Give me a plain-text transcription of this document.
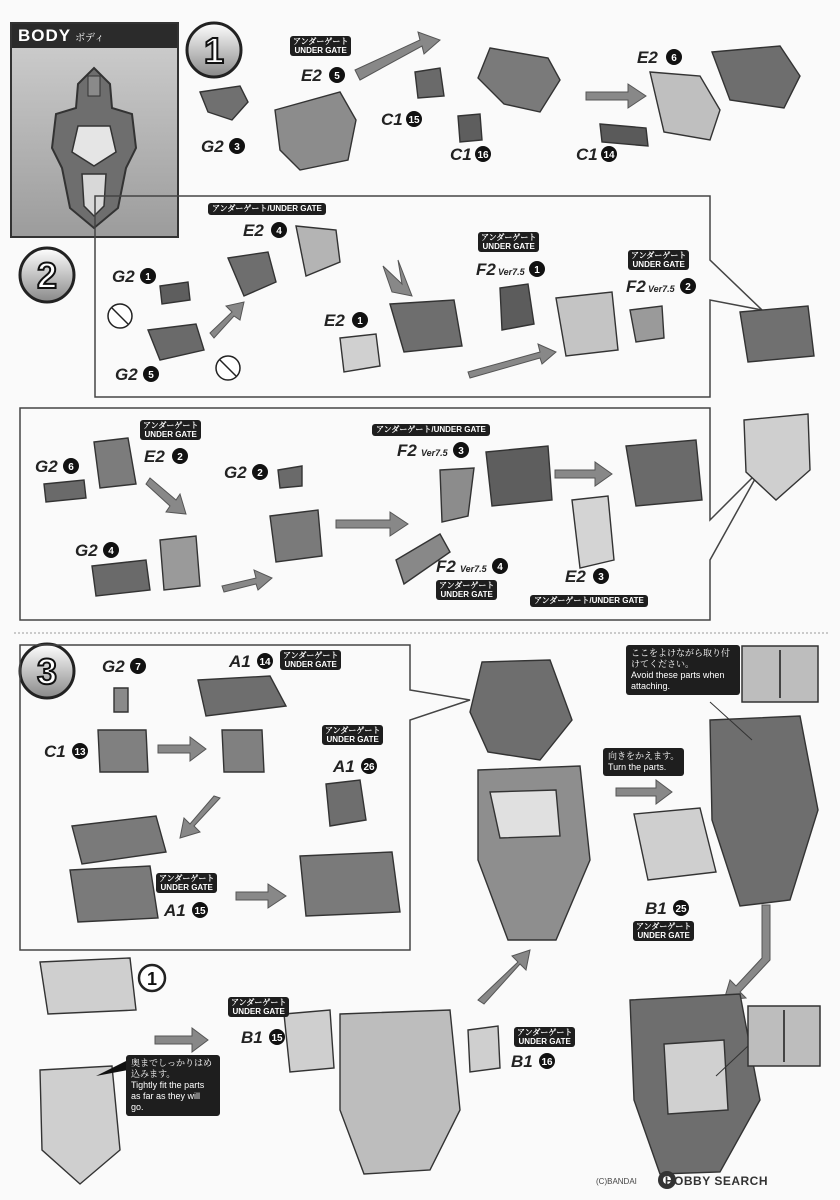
BODY ボディ	1
2
3
E2
C1
C1
E2
C1
G2
E2
G2
G2
E2
F2
F2
G2
E2
G2
G2
F2
F2
E2
G2	A1
C1
A1
A1	B1
B1
B1
5
15
16
6
14
3
4
1
5
1
1
2
6
2
4
2
3
4
3
7	14
13
26
15	25
15
16
Ver7.5
Ver7.5
Ver7.5
Ver7.5
1
アンダーゲート
UNDER GATE
アンダーゲート/UNDER GATE
アンダーゲート
UNDER GATE
アンダーゲート
UNDER GATE
アンダーゲート
UNDER GATE
アンダーゲート/UNDER GATE
アンダーゲート
UNDER GATE
アンダーゲート/UNDER GATE
アンダーゲート
UNDER GATE
アンダーゲート
UNDER GATE
アンダーゲート
UNDER GATE
アンダーゲート
UNDER GATE
アンダーゲート
UNDER GATE
アンダーゲート
UNDER GATE
ここをよけながら取り付けてください。
Avoid these parts when attaching.
向きをかえます。
Turn the parts.
奥までしっかりはめ込みます。
Tightly fit the parts as far as they will go.
(C)BANDAI HOBBY SEARCH
